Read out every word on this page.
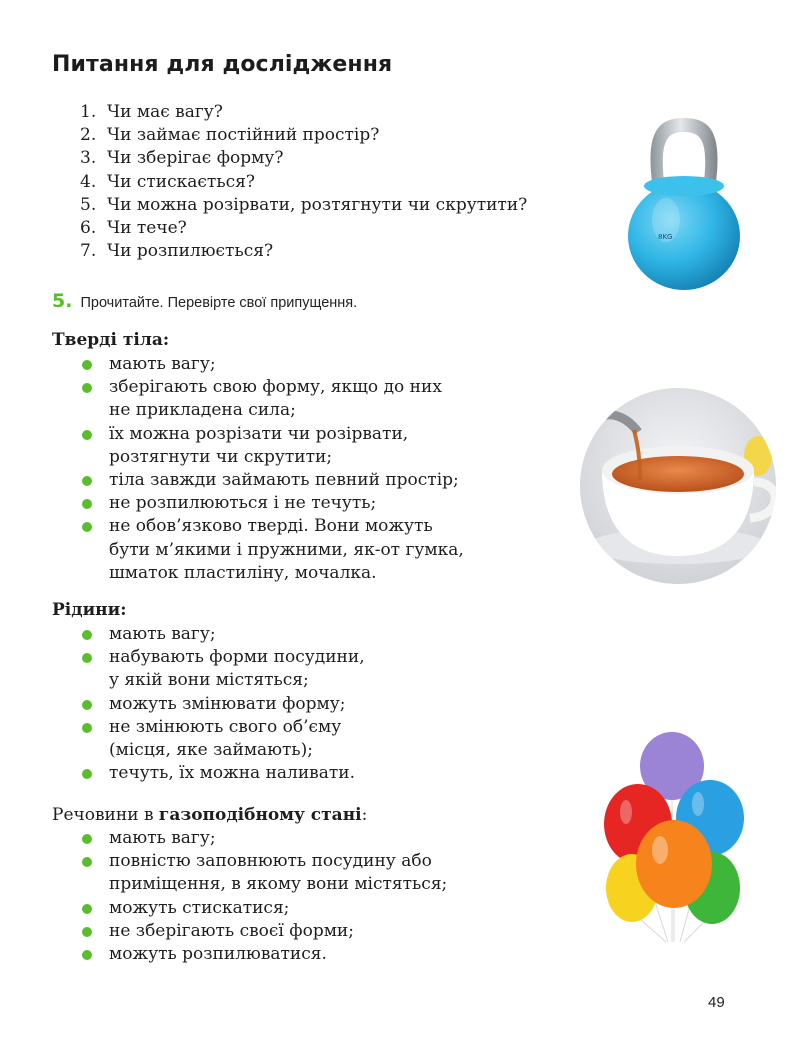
Питання для дослідження
1. Чи має вагу?
2. Чи займає постійний простір?
3. Чи зберігає форму?
4. Чи стискається?
5. Чи можна розірвати, розтягнути чи скрутити?
6. Чи тече?
7. Чи розпилюється?
5. Прочитайте. Перевірте свої припущення.
Тверді тіла:
мають вагу;
зберігають свою форму, якщо до них
не прикладена сила;
їх можна розрізати чи розірвати,
розтягнути чи скрутити;
тіла завжди займають певний простір;
не розпилюються і не течуть;
не обов’язково тверді. Вони можуть
бути м’якими і пружними, як-от гумка,
шматок пластиліну, мочалка.
Рідини:
мають вагу;
набувають форми посудини,
у якій вони містяться;
можуть змінювати форму;
не змінюють свого об’єму
(місця, яке займають);
течуть, їх можна наливати.
Речовини в газоподібному стані:
мають вагу;
повністю заповнюють посудину або
приміщення, в якому вони містяться;
можуть стискатися;
не зберігають своєї форми;
можуть розпилюватися.
8KG
49
